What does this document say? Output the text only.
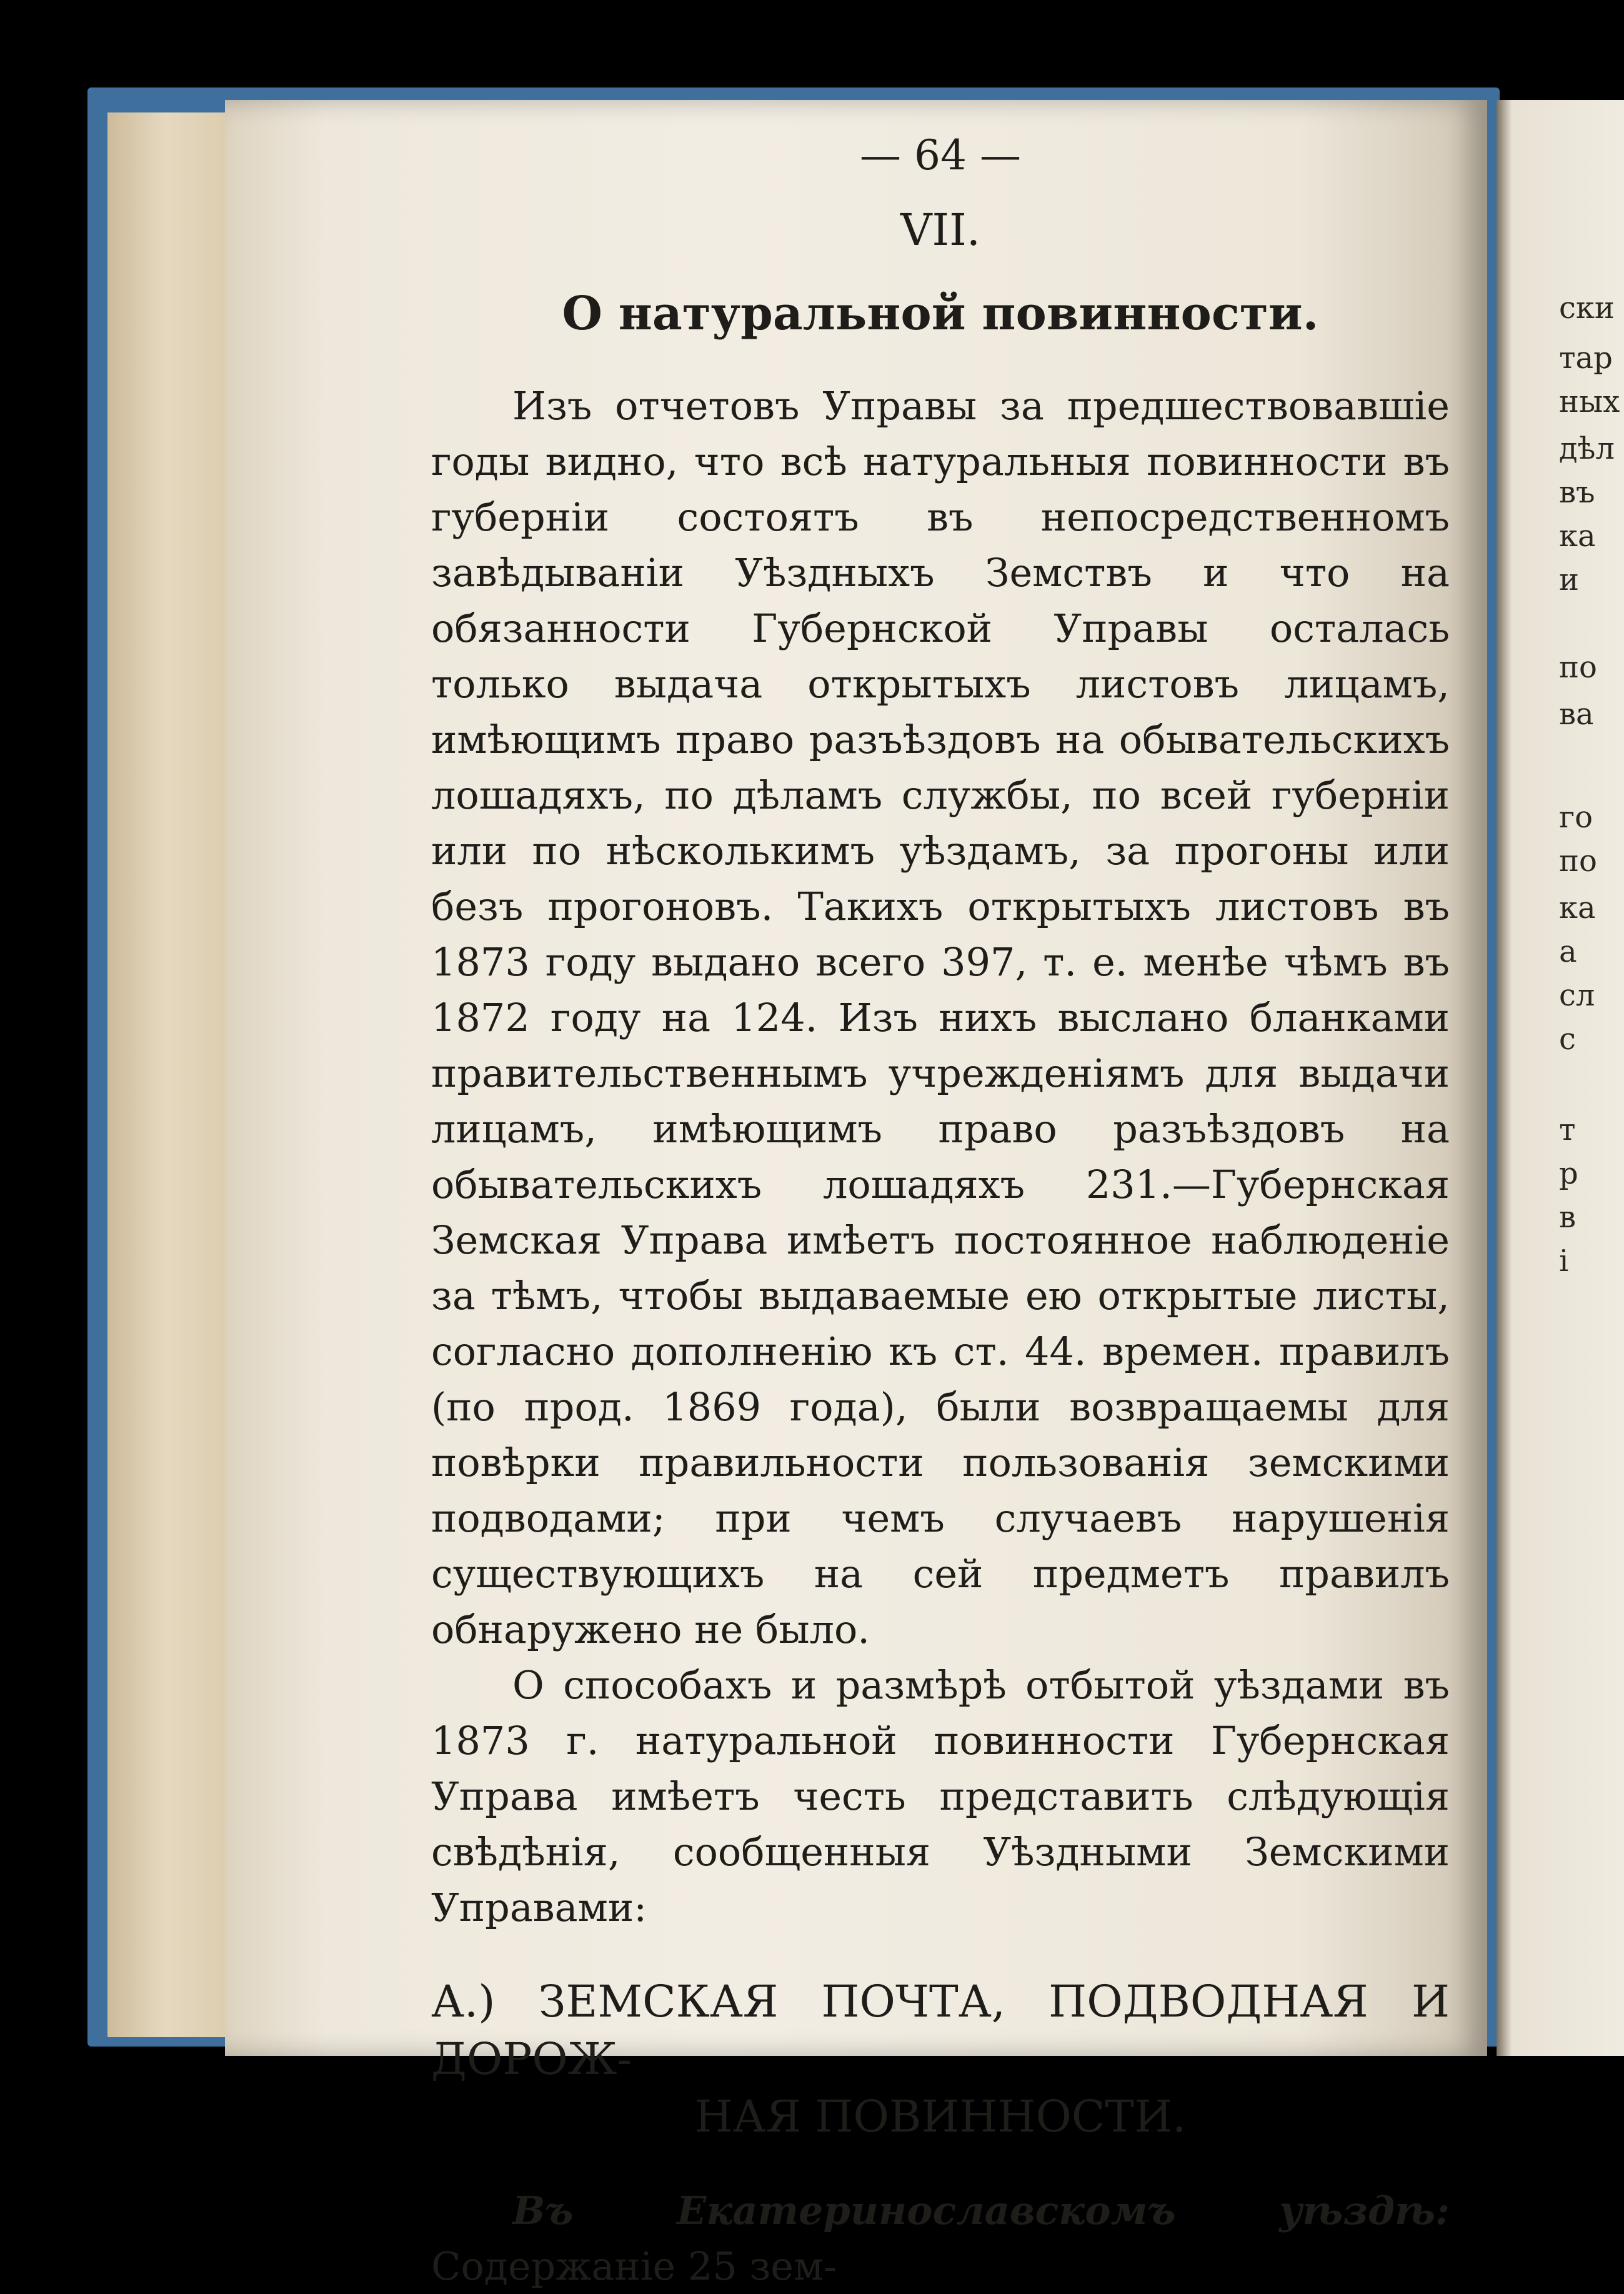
ски
тар
ных
дѣл
въ
ка
и
по
ва
го
по
ка
а
сл
с
т
р
в
і
— 64 —
VII.
О натуральной повинности.

Изъ отчетовъ Управы за предшествовавшіе годы видно, что всѣ натуральныя повинности въ губерніи состоятъ въ непосредственномъ завѣдываніи Уѣздныхъ Земствъ и что на обязанности Губернской Управы осталась только выдача открытыхъ листовъ лицамъ, имѣющимъ право разъѣздовъ на обывательскихъ лошадяхъ, по дѣламъ службы, по всей губерніи или по нѣсколькимъ уѣздамъ, за прогоны или безъ прогоновъ. Такихъ открытыхъ листовъ въ 1873 году выдано всего 397, т. е. менѣе чѣмъ въ 1872 году на 124. Изъ нихъ выслано бланками правительственнымъ учрежденіямъ для выдачи лицамъ, имѣющимъ право разъѣздовъ на обывательскихъ лошадяхъ 231.—Губернская Земская Управа имѣетъ постоянное наблюденіе за тѣмъ, чтобы выдаваемые ею открытые листы, согласно дополненію къ ст. 44. времен. правилъ (по прод. 1869 года), были возвращаемы для повѣрки правильности пользованія земскими подводами; при чемъ случаевъ нарушенія существующихъ на сей предметъ правилъ обнаружено не было.

О способахъ и размѣрѣ отбытой уѣздами въ 1873 г. натуральной повинности Губернская Управа имѣетъ честь представить слѣдующія свѣдѣнія, сообщенныя Уѣздными Земскими Управами:

А.) ЗЕМСКАЯ ПОЧТА, ПОДВОДНАЯ И ДОРОЖ-
НАЯ ПОВИННОСТИ.

Въ Екатеринославскомъ уѣздѣ: Содержаніе 25 зем-
